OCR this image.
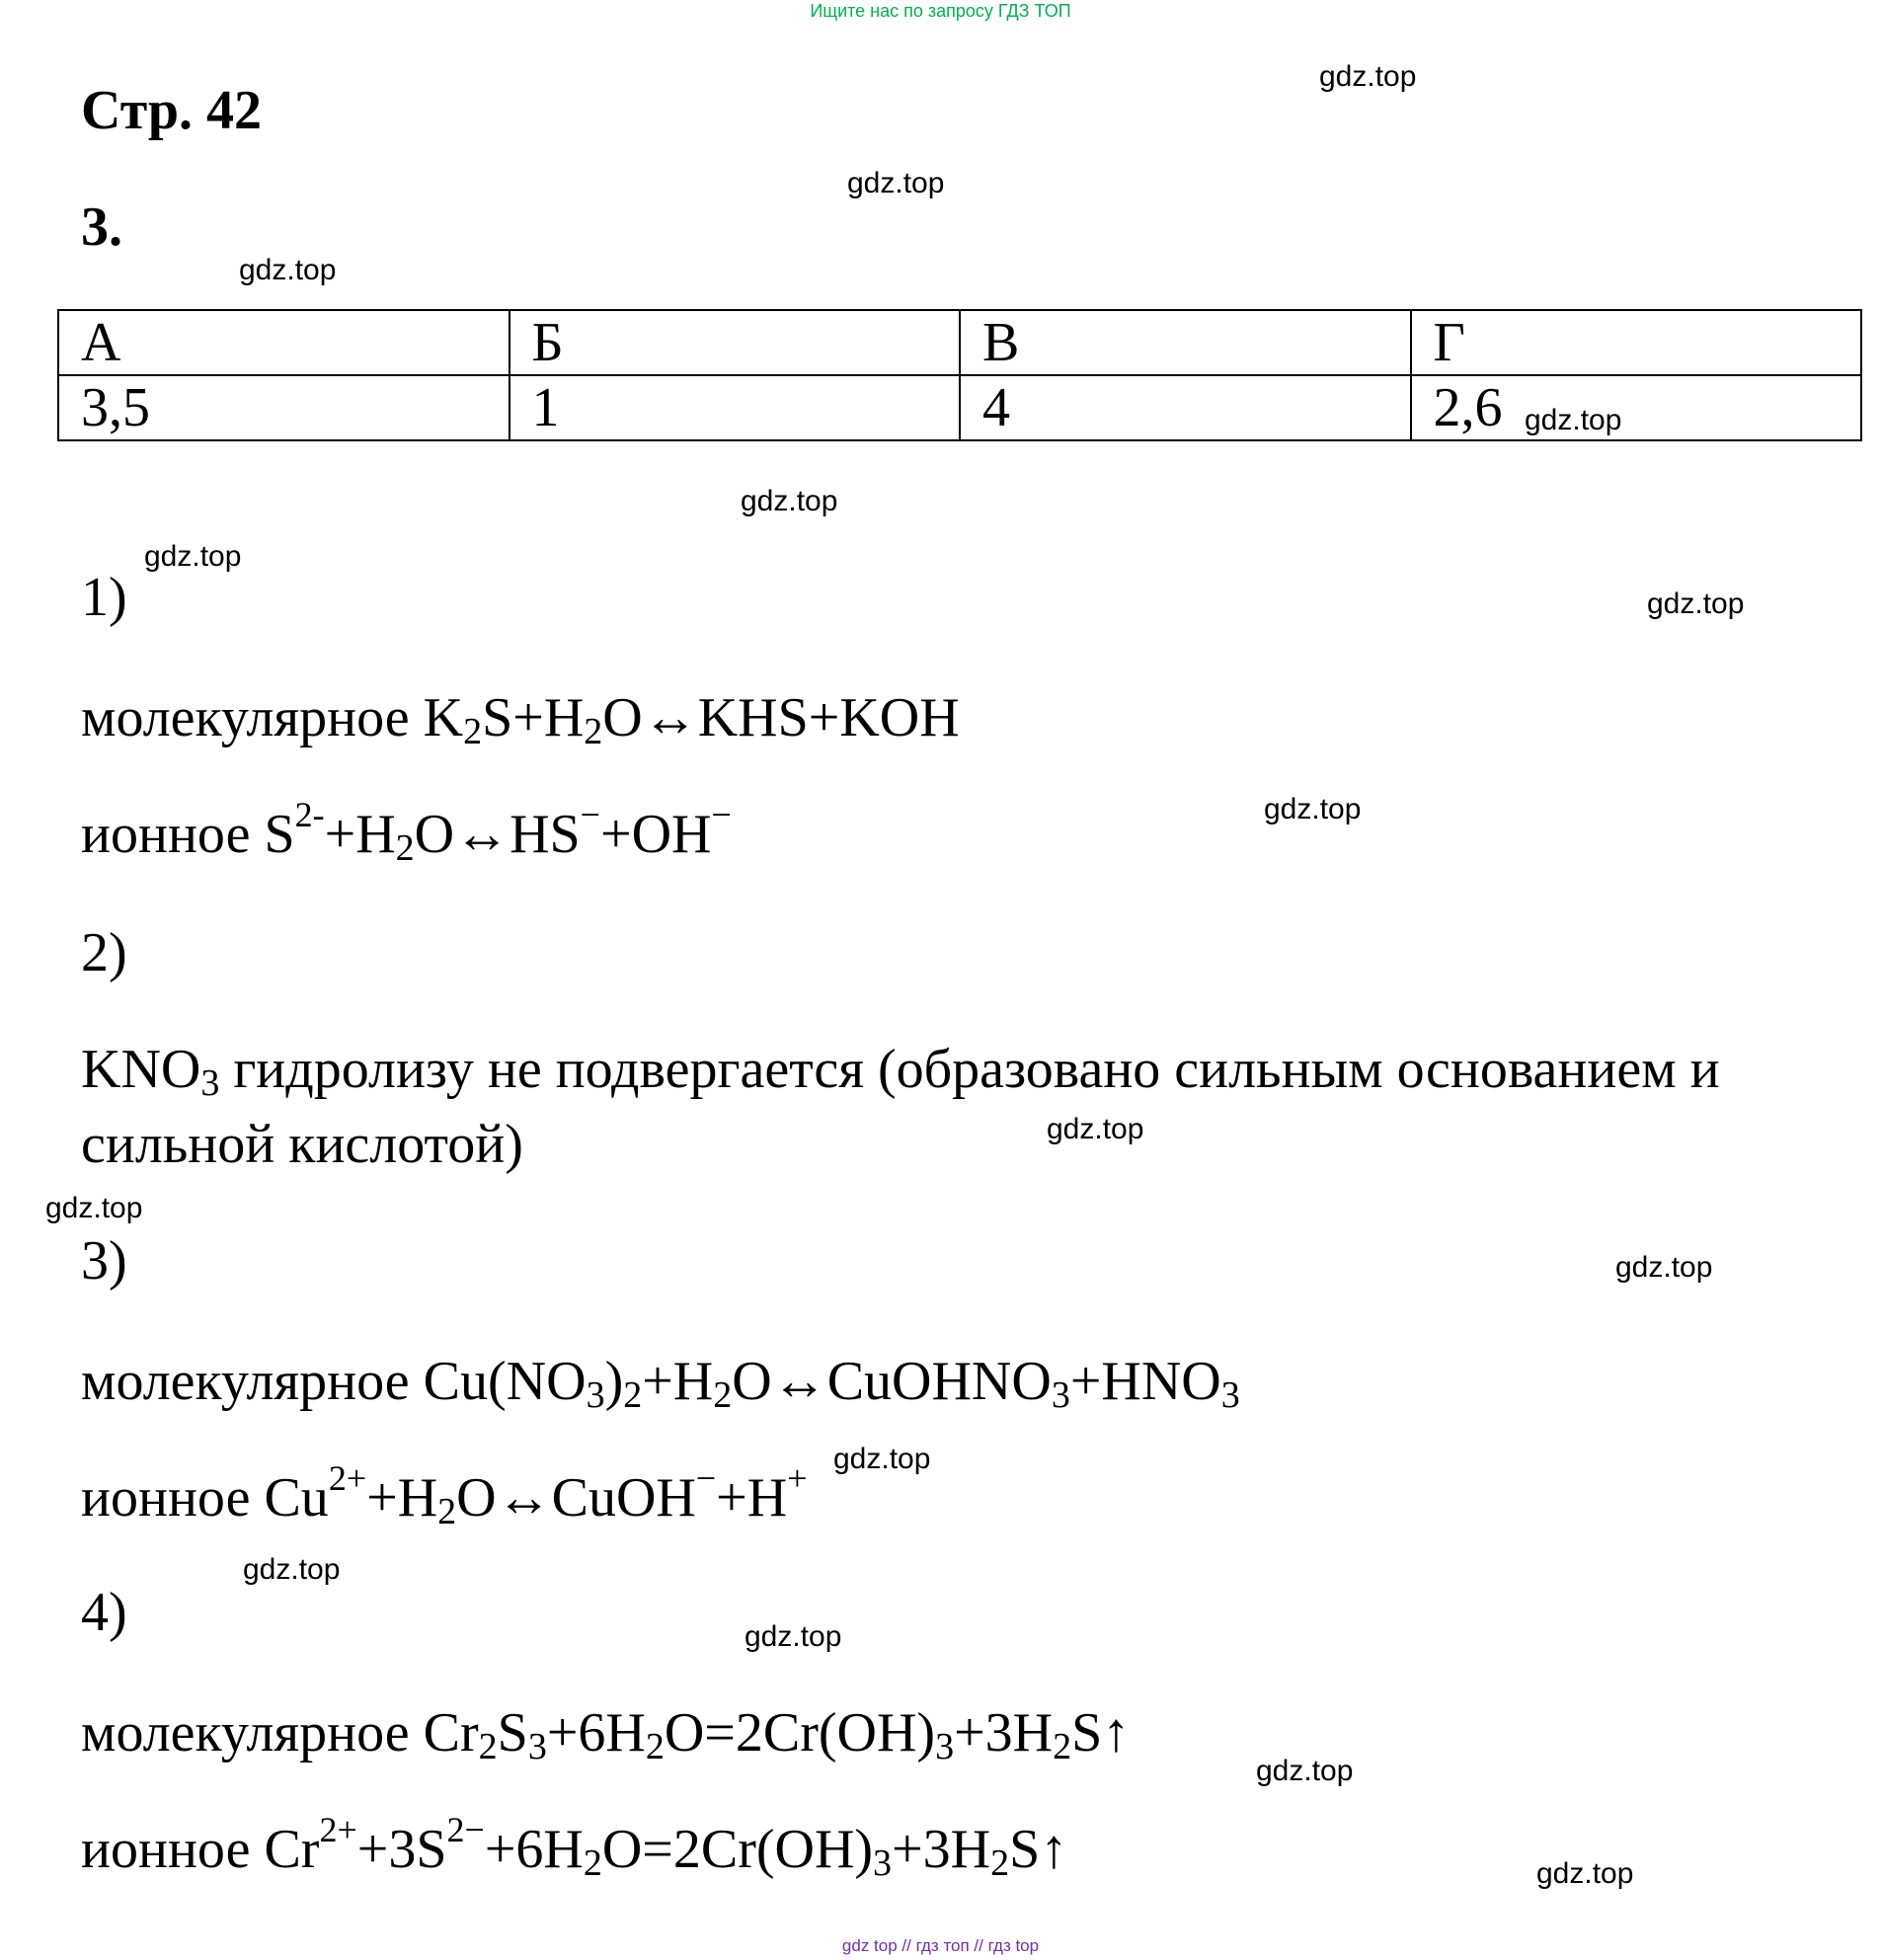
Ищите нас по запросу ГДЗ ТОП
Стр. 42
3.
А	Б	В	Г
3,5	1	4	2,6

1)

молекулярное $K_2S+H_2O\leftrightarrow KHS+KOH$

ионное $S^{2-}+H_2O\leftrightarrow HS^-+OH^-$

2)

$KNO_3$ гидролизу не подвергается (образовано сильным основанием и

сильной кислотой)

3)

молекулярное $Cu(NO_3)_2+H_2O\leftrightarrow CuOHNO_3+HNO_3$

ионное $Cu^{2+}+H_2O\leftrightarrow CuOH^-+H^+$

4)

молекулярное $Cr_2S_3+6H_2O=2Cr(OH)_3+3H_2S↑$

ионное $Cr^{2+}+3S^{2-}+6H_2O=2Cr(OH)_3+3H_2S↑$

gdz.top
gdz.top
gdz.top
gdz.top
gdz.top
gdz.top
gdz.top
gdz.top
gdz.top
gdz.top
gdz.top
gdz.top
gdz.top
gdz.top
gdz.top
gdz.top
gdz top // гдз топ // гдз top
